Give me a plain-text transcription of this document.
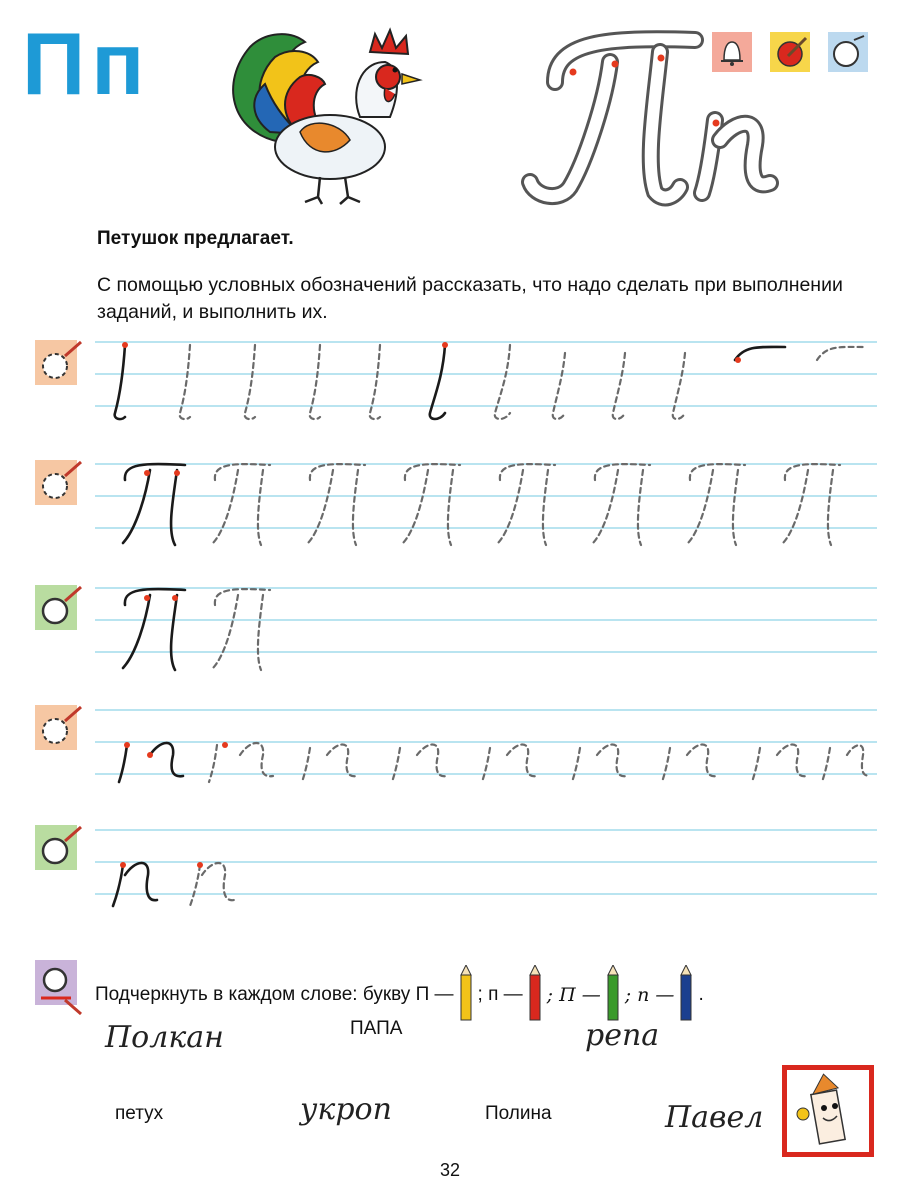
Пп
Петушок предлагает.
С помощью условных обозначений рассказать, что надо сделать при выполнении заданий, и выполнить их.
Подчеркнуть в каждом слове: букву П — ; п — ; П — ; п — .
Полкан	ПАПА	репа
петух	укроп	Полина	Павел
32
